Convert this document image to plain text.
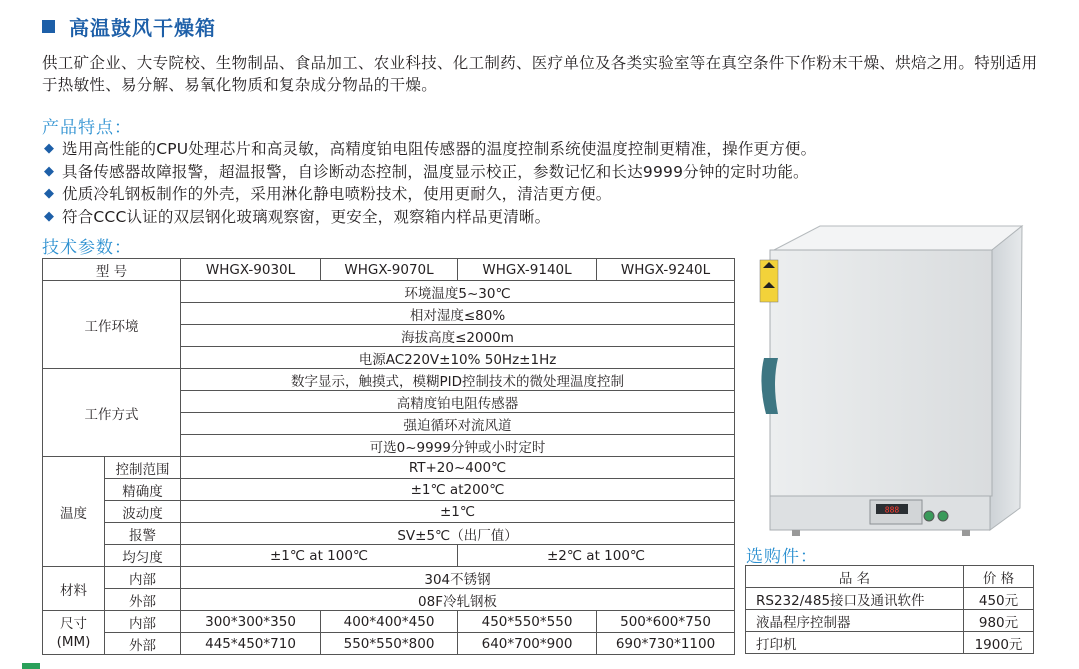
高温鼓风干燥箱
供工矿企业、大专院校、生物制品、食品加工、农业科技、化工制药、医疗单位及各类实验室等在真空条件下作粉末干燥、烘焙之用。特别适用于热敏性、易分解、易氧化物质和复杂成分物品的干燥。
产品特点：
◆ 选用高性能的CPU处理芯片和高灵敏，高精度铂电阻传感器的温度控制系统使温度控制更精准，操作更方便。
◆ 具备传感器故障报警，超温报警，自诊断动态控制，温度显示校正，参数记忆和长达9999分钟的定时功能。
◆ 优质冷轧钢板制作的外壳，采用淋化静电喷粉技术，使用更耐久，清洁更方便。
◆ 符合CCC认证的双层钢化玻璃观察窗，更安全，观察箱内样品更清晰。
技术参数：
型 号		WHGX-9030L	WHGX-9070L	WHGX-9140L	WHGX-9240L
工作环境		环境温度5~30℃			
		相对湿度≤80%			
		海拔高度≤2000m			
		电源AC220V±10% 50Hz±1Hz			
工作方式		数字显示，触摸式，模糊PID控制技术的微处理温度控制			
		高精度铂电阻传感器			
		强迫循环对流风道			
		可选0~9999分钟或小时定时			
温度	控制范围	RT+20~400℃			
	精确度	±1℃ at200℃			
	波动度	±1℃			
	报警	SV±5℃（出厂值）			
	均匀度	±1℃ at 100℃		±2℃ at 100℃	
材料	内部	304不锈钢			
	外部	08F冷轧钢板			
尺寸
(MM)	内部	300*300*350	400*400*450	450*550*550	500*600*750
	外部	445*450*710	550*550*800	640*700*900	690*730*1100
888
选购件：
品 名	价 格
RS232/485接口及通讯软件	450元
液晶程序控制器	980元
打印机	1900元
